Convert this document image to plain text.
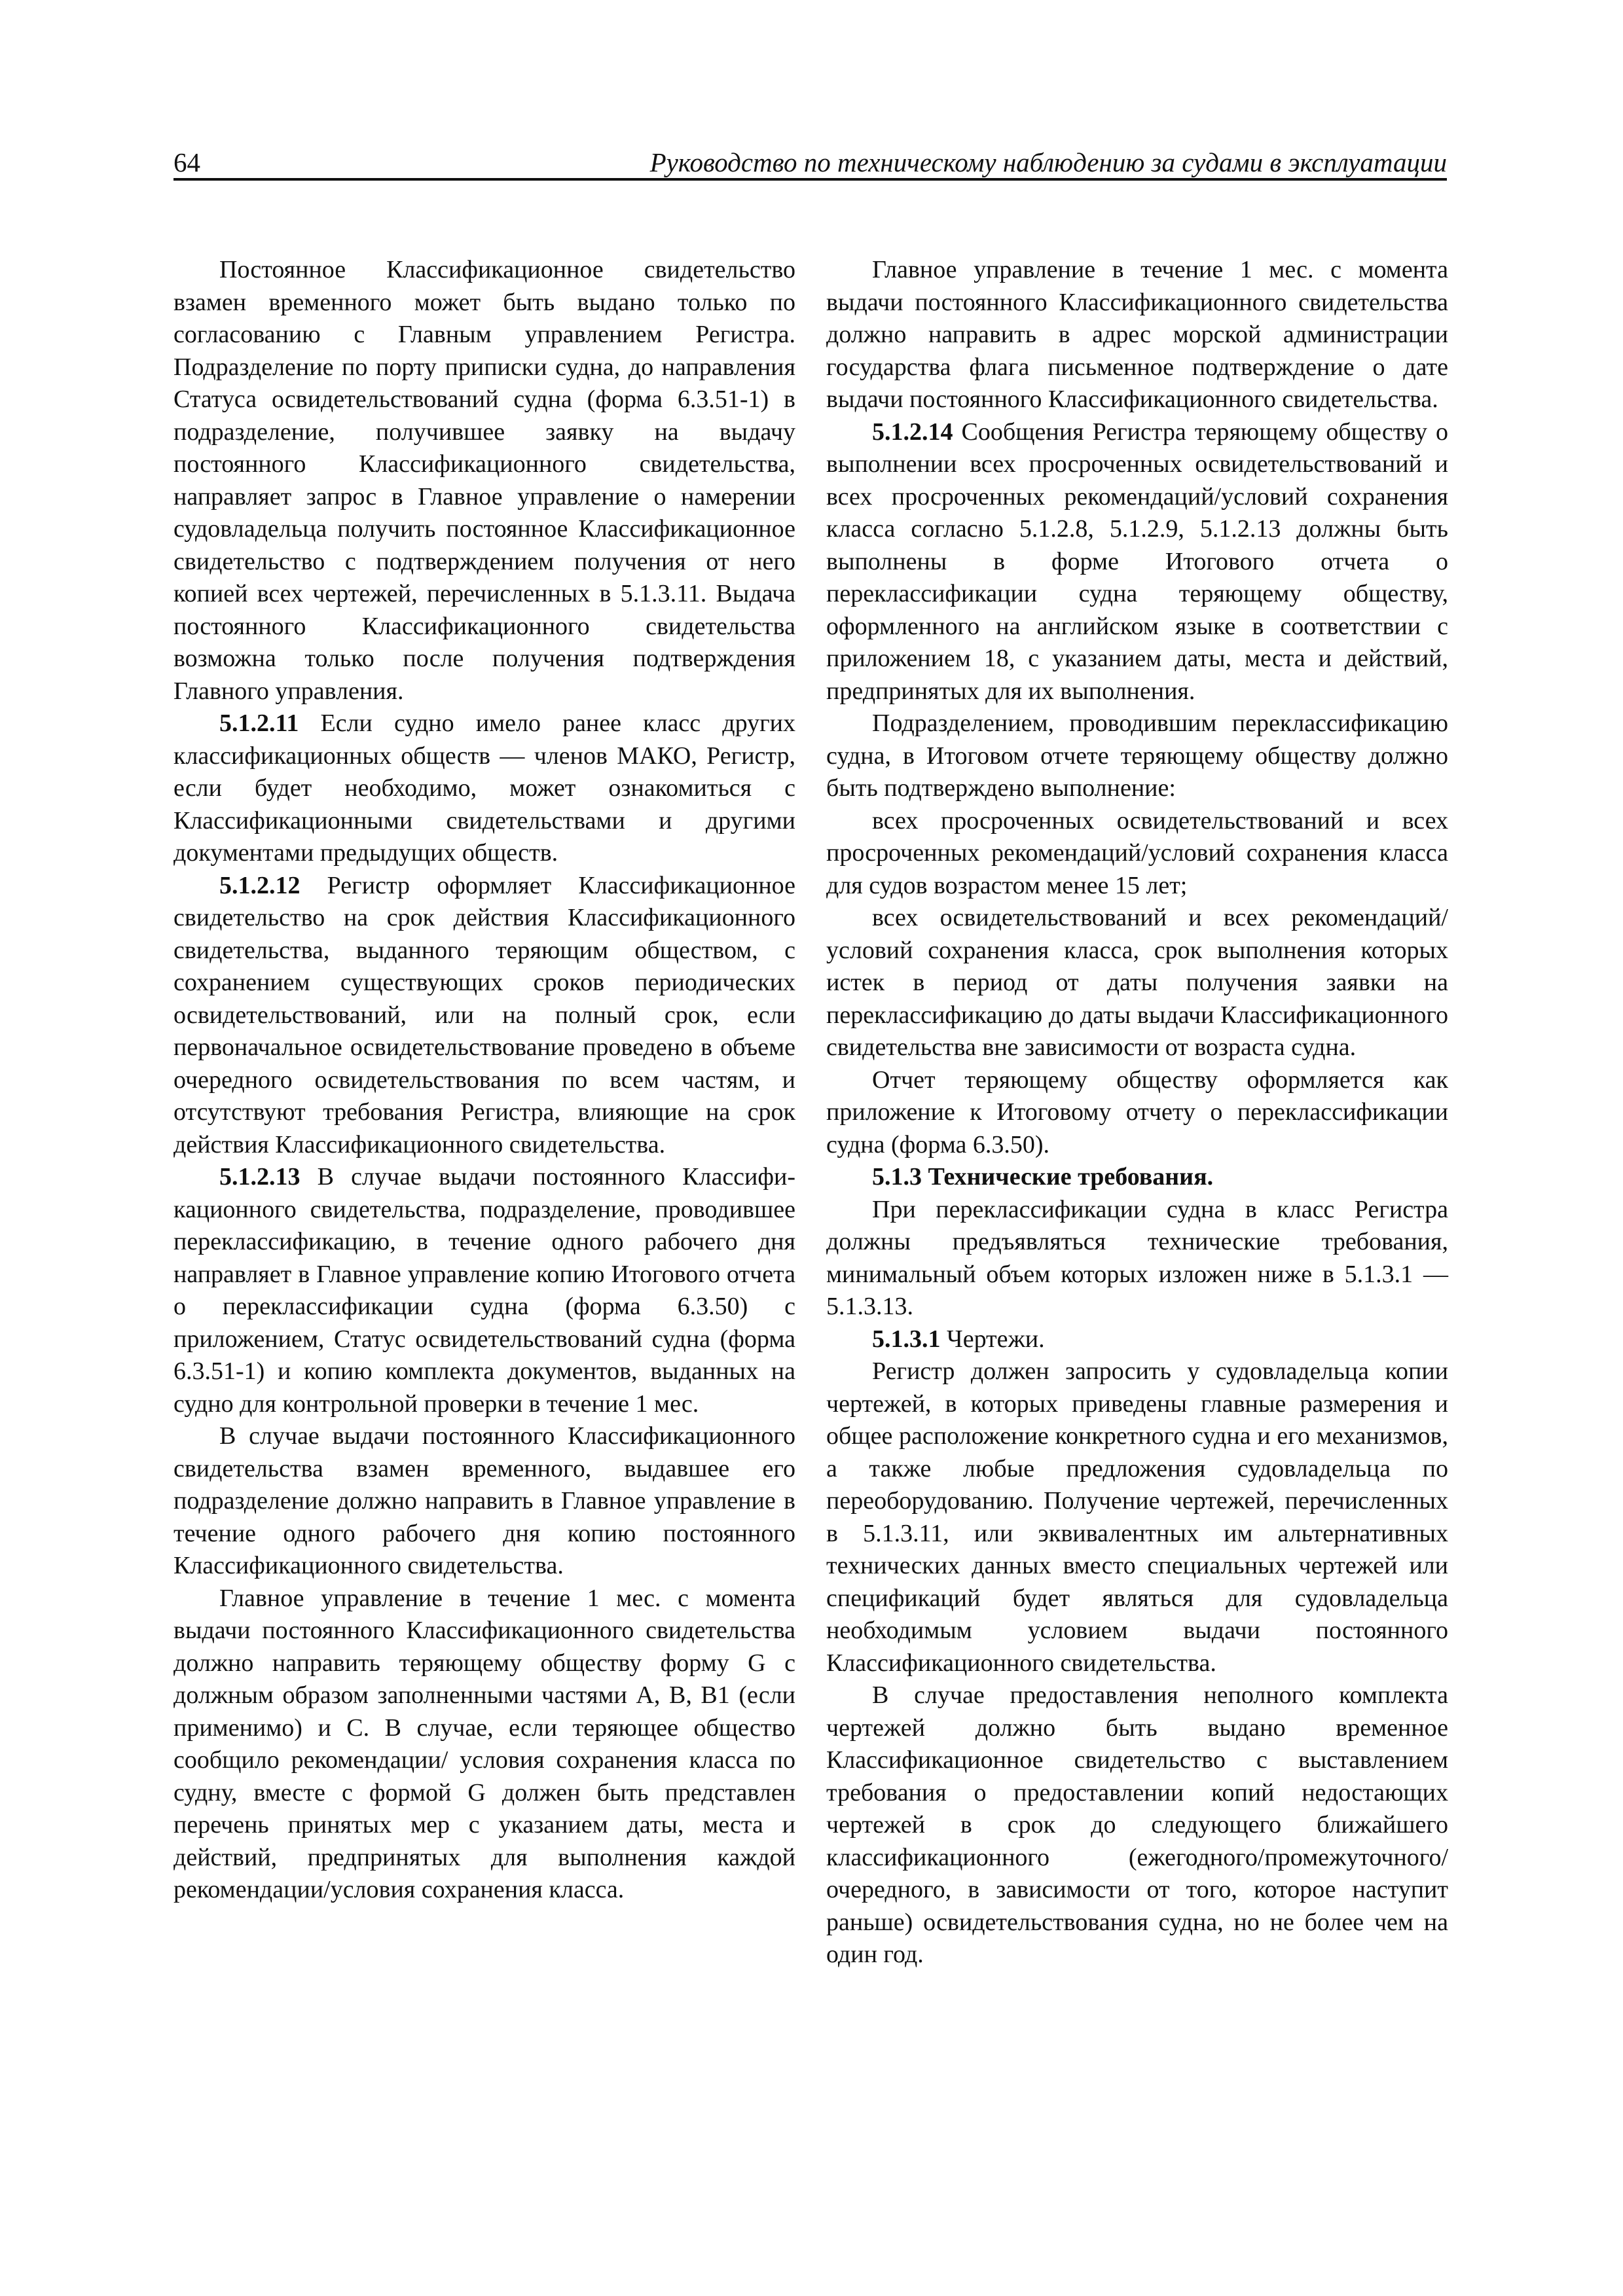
64	Руководство по техническому наблюдению за судами в эксплуатации

Постоянное Классификационное свидетельство взамен временного может быть выдано только по согласованию с Главным управлением Регистра. Подразделение по порту приписки судна, до направления Статуса освидетельствований судна (форма 6.3.51-1) в подразделение, получившее заявку на выдачу постоянного Классификационного свидетельства, направляет запрос в Главное управление о намерении судовладельца получить постоянное Классификационное свидетельство с подтверждением получения от него копией всех чертежей, перечисленных в 5.1.3.11. Выдача постоянного Классификационного свидетельства возможна только после получения подтверждения Главного управления.

5.1.2.11 Если судно имело ранее класс других классификационных обществ — членов МАКО, Регистр, если будет необходимо, может ознакомиться с Классификационными свидетельствами и другими документами предыдущих обществ.

5.1.2.12 Регистр оформляет Классификационное свидетельство на срок действия Классификационного свидетельства, выданного теряющим обществом, с сохранением существующих сроков периодических освидетельствований, или на полный срок, если первоначальное освидетельствование проведено в объеме очередного освидетельствования по всем частям, и отсутствуют требования Регистра, влияющие на срок действия Классификационного свидетельства.

5.1.2.13 В случае выдачи постоянного Классификационного свидетельства, подразделение, проводившее переклассификацию, в течение одного рабочего дня направляет в Главное управление копию Итогового отчета о переклассификации судна (форма 6.3.50) с приложением, Статус освидетельствований судна (форма 6.3.51-1) и копию комплекта документов, выданных на судно для контрольной проверки в течение 1 мес.

В случае выдачи постоянного Классификационного свидетельства взамен временного, выдавшее его подразделение должно направить в Главное управление в течение одного рабочего дня копию постоянного Классификационного свидетельства.

Главное управление в течение 1 мес. с момента выдачи постоянного Классификационного свидетельства должно направить теряющему обществу форму G с должным образом заполненными частями A, B, B1 (если применимо) и C. В случае, если теряющее общество сообщило рекомендации/ условия сохранения класса по судну, вместе с формой G должен быть представлен перечень принятых мер с указанием даты, места и действий, предпринятых для выполнения каждой рекомендации/условия сохранения класса.

Главное управление в течение 1 мес. с момента выдачи постоянного Классификационного свидетельства должно направить в адрес морской администрации государства флага письменное подтверждение о дате выдачи постоянного Классификационного свидетельства.

5.1.2.14 Сообщения Регистра теряющему обществу о выполнении всех просроченных освидетельствований и всех просроченных рекомендаций/условий сохранения класса согласно 5.1.2.8, 5.1.2.9, 5.1.2.13 должны быть выполнены в форме Итогового отчета о переклассификации судна теряющему обществу, оформленного на английском языке в соответствии с приложением 18, с указанием даты, места и действий, предпринятых для их выполнения.

Подразделением, проводившим переклассификацию судна, в Итоговом отчете теряющему обществу должно быть подтверждено выполнение:

всех просроченных освидетельствований и всех просроченных рекомендаций/условий сохранения класса для судов возрастом менее 15 лет;

всех освидетельствований и всех рекомендаций/ условий сохранения класса, срок выполнения которых истек в период от даты получения заявки на переклассификацию до даты выдачи Классификационного свидетельства вне зависимости от возраста судна.

Отчет теряющему обществу оформляется как приложение к Итоговому отчету о переклассификации судна (форма 6.3.50).

5.1.3 Технические требования.

При переклассификации судна в класс Регистра должны предъявляться технические требования, минимальный объем которых изложен ниже в 5.1.3.1 — 5.1.3.13.

5.1.3.1 Чертежи.

Регистр должен запросить у судовладельца копии чертежей, в которых приведены главные размерения и общее расположение конкретного судна и его механизмов, а также любые предложения судовладельца по переоборудованию. Получение чертежей, перечисленных в 5.1.3.11, или эквивалентных им альтернативных технических данных вместо специальных чертежей или спецификаций будет являться для судовладельца необходимым условием выдачи постоянного Классификационного свидетельства.

В случае предоставления неполного комплекта чертежей должно быть выдано временное Классификационное свидетельство с выставлением требования о предоставлении копий недостающих чертежей в срок до следующего ближайшего классификационного (ежегодного/промежуточного/ очередного, в зависимости от того, которое наступит раньше) освидетельствования судна, но не более чем на один год.
